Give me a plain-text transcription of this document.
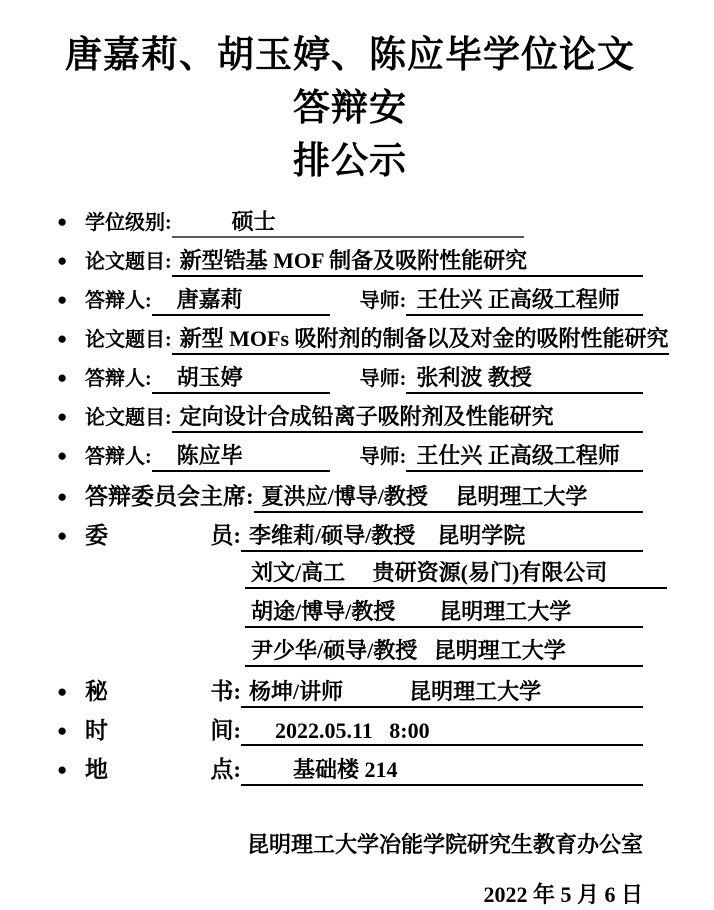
唐嘉莉、胡玉婷、陈应毕学位论文答辩安
排公示
● 学位级别:	硕士
● 论文题目: 新型锆基 MOF 制备及吸附性能研究
● 答辩人:	唐嘉莉	导师: 王仕兴 正高级工程师
● 论文题目: 新型 MOFs 吸附剂的制备以及对金的吸附性能研究
● 答辩人:	胡玉婷	导师: 张利波 教授
● 论文题目: 定向设计合成铅离子吸附剂及性能研究
● 答辩人:	陈应毕	导师: 王仕兴 正高级工程师
● 答辩委员会主席: 夏洪应/博导/教授     昆明理工大学
● 委	员: 李维莉/硕导/教授    昆明学院
刘文/高工     贵研资源(易门)有限公司
胡途/博导/教授        昆明理工大学
尹少华/硕导/教授   昆明理工大学
● 秘	书: 杨坤/讲师            昆明理工大学
● 时	间:	2022.05.11   8:00
● 地	点:	基础楼 214
昆明理工大学冶能学院研究生教育办公室
2022 年 5 月 6 日
